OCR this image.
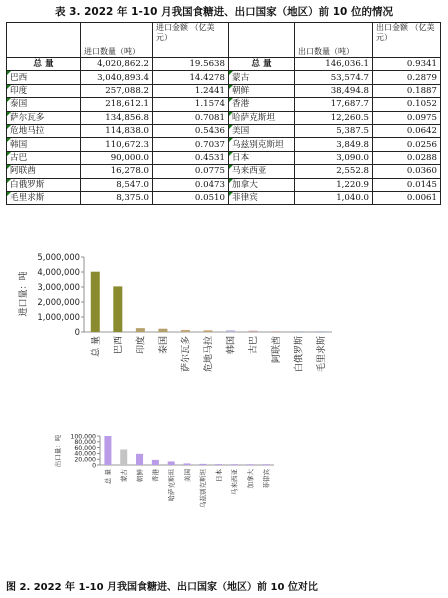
表 3. 2022 年 1-10 月我国食糖进、出口国家（地区）前 10 位的情况
	进口数量（吨）	进口金额 （亿美元）		出口数量（吨）	出口金额 （亿美元）
总 量	4,020,862.2	19.5638	总 量	146,036.1	0.9341
巴西	3,040,893.4	14.4278	蒙古	53,574.7	0.2879
印度	257,088.2	1.2441	朝鲜	38,494.8	0.1887
泰国	218,612.1	1.1574	香港	17,687.7	0.1052
萨尔瓦多	134,856.8	0.7081	哈萨克斯坦	12,260.5	0.0975
危地马拉	114,838.0	0.5436	美国	5,387.5	0.0642
韩国	110,672.3	0.7037	乌兹别克斯坦	3,849.8	0.0256
古巴	90,000.0	0.4531	日本	3,090.0	0.0288
阿联酋	16,278.0	0.0775	马来西亚	2,552.8	0.0360
白俄罗斯	8,547.0	0.0473	加拿大	1,220.9	0.0145
毛里求斯	8,375.0	0.0510	菲律宾	1,040.0	0.0061
0
1,000,000
2,000,000
3,000,000
4,000,000
5,000,000
进口量：吨
总 量 巴西 印度 泰国 萨尔瓦多 危地马拉 韩国 古巴 阿联酋 白俄罗斯 毛里求斯
0
20,000
40,000
60,000
80,000
100,000
出口量：吨
总 量 蒙古 朝鲜 香港 哈萨克斯坦 美国 乌兹别克斯坦 日本 马来西亚 加拿大 菲律宾
图 2. 2022 年 1-10 月我国食糖进、出口国家（地区）前 10 位对比
